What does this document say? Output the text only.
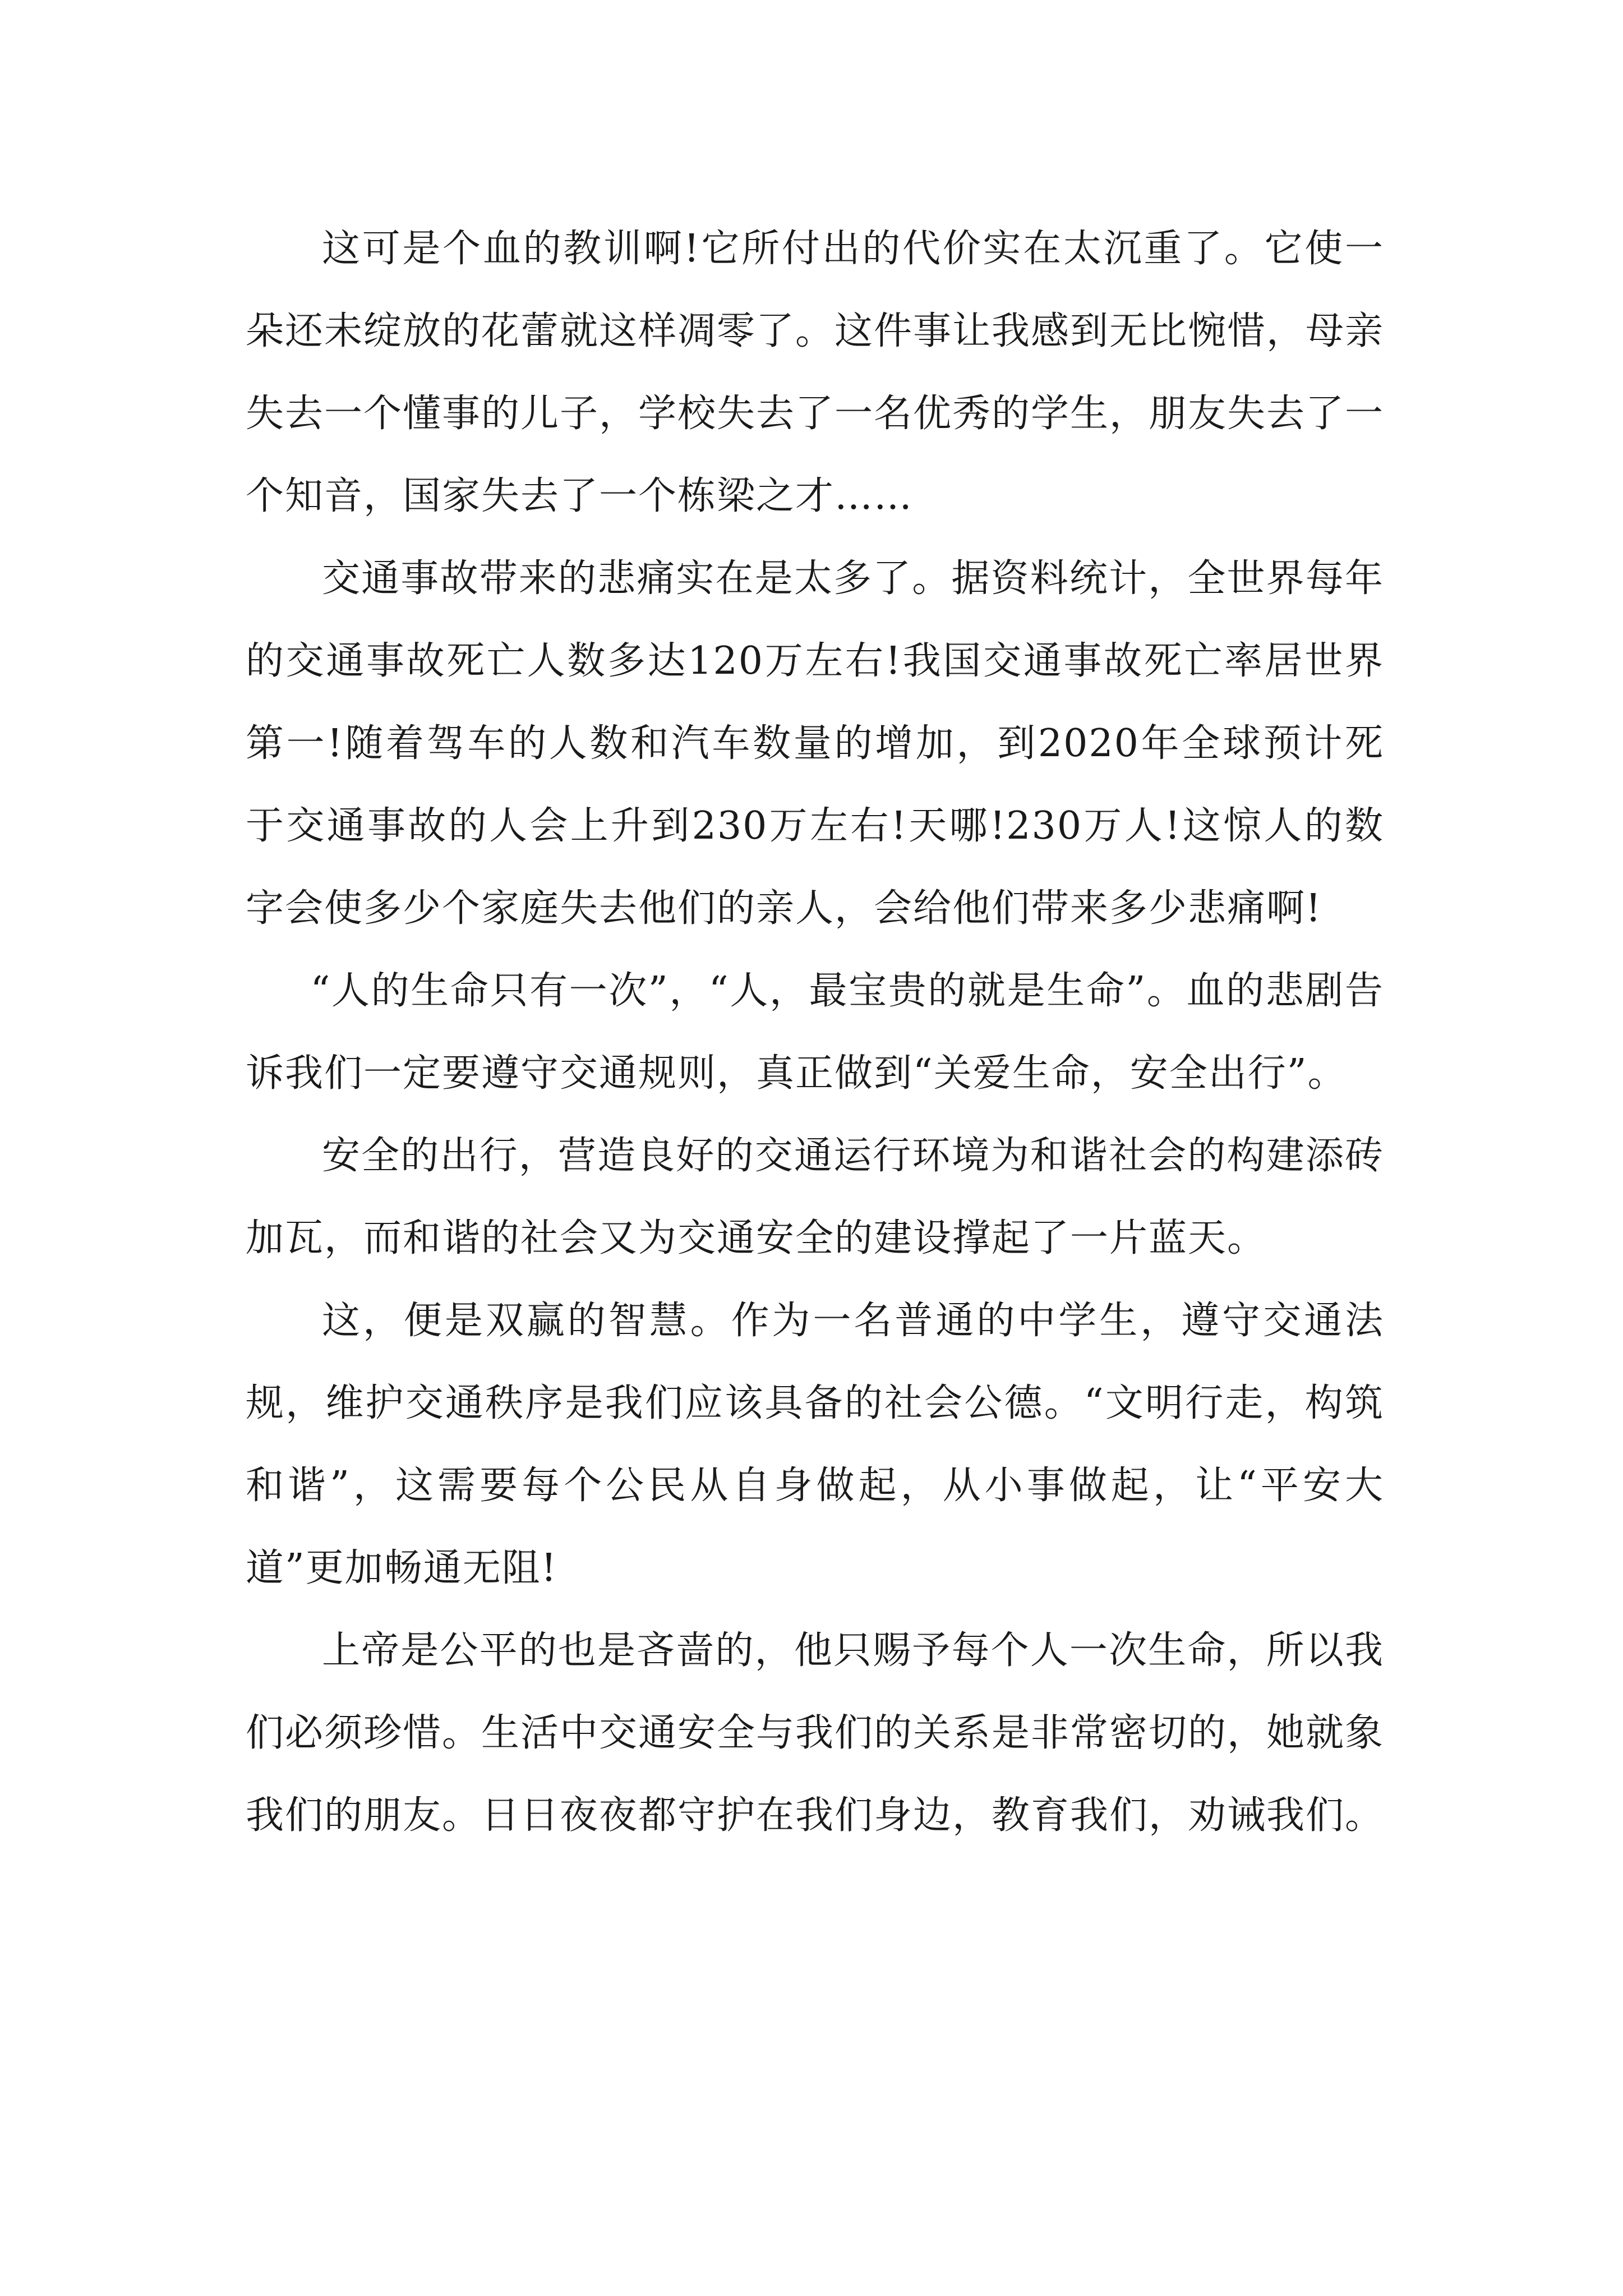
这可是个血的教训啊!它所付出的代价实在太沉重了。它使一朵还未绽放的花蕾就这样凋零了。这件事让我感到无比惋惜，母亲失去一个懂事的儿子，学校失去了一名优秀的学生，朋友失去了一个知音，国家失去了一个栋梁之才……

交通事故带来的悲痛实在是太多了。据资料统计，全世界每年的交通事故死亡人数多达120万左右!我国交通事故死亡率居世界第一!随着驾车的人数和汽车数量的增加，到2020年全球预计死于交通事故的人会上升到230万左右!天哪!230万人!这惊人的数字会使多少个家庭失去他们的亲人，会给他们带来多少悲痛啊!

“人的生命只有一次”，“人，最宝贵的就是生命”。血的悲剧告诉我们一定要遵守交通规则，真正做到“关爱生命，安全出行”。

安全的出行，营造良好的交通运行环境为和谐社会的构建添砖加瓦，而和谐的社会又为交通安全的建设撑起了一片蓝天。

这，便是双赢的智慧。作为一名普通的中学生，遵守交通法规，维护交通秩序是我们应该具备的社会公德。“文明行走，构筑和谐”，这需要每个公民从自身做起，从小事做起，让“平安大道”更加畅通无阻!

上帝是公平的也是吝啬的，他只赐予每个人一次生命，所以我们必须珍惜。生活中交通安全与我们的关系是非常密切的，她就象我们的朋友。日日夜夜都守护在我们身边，教育我们，劝诫我们。
